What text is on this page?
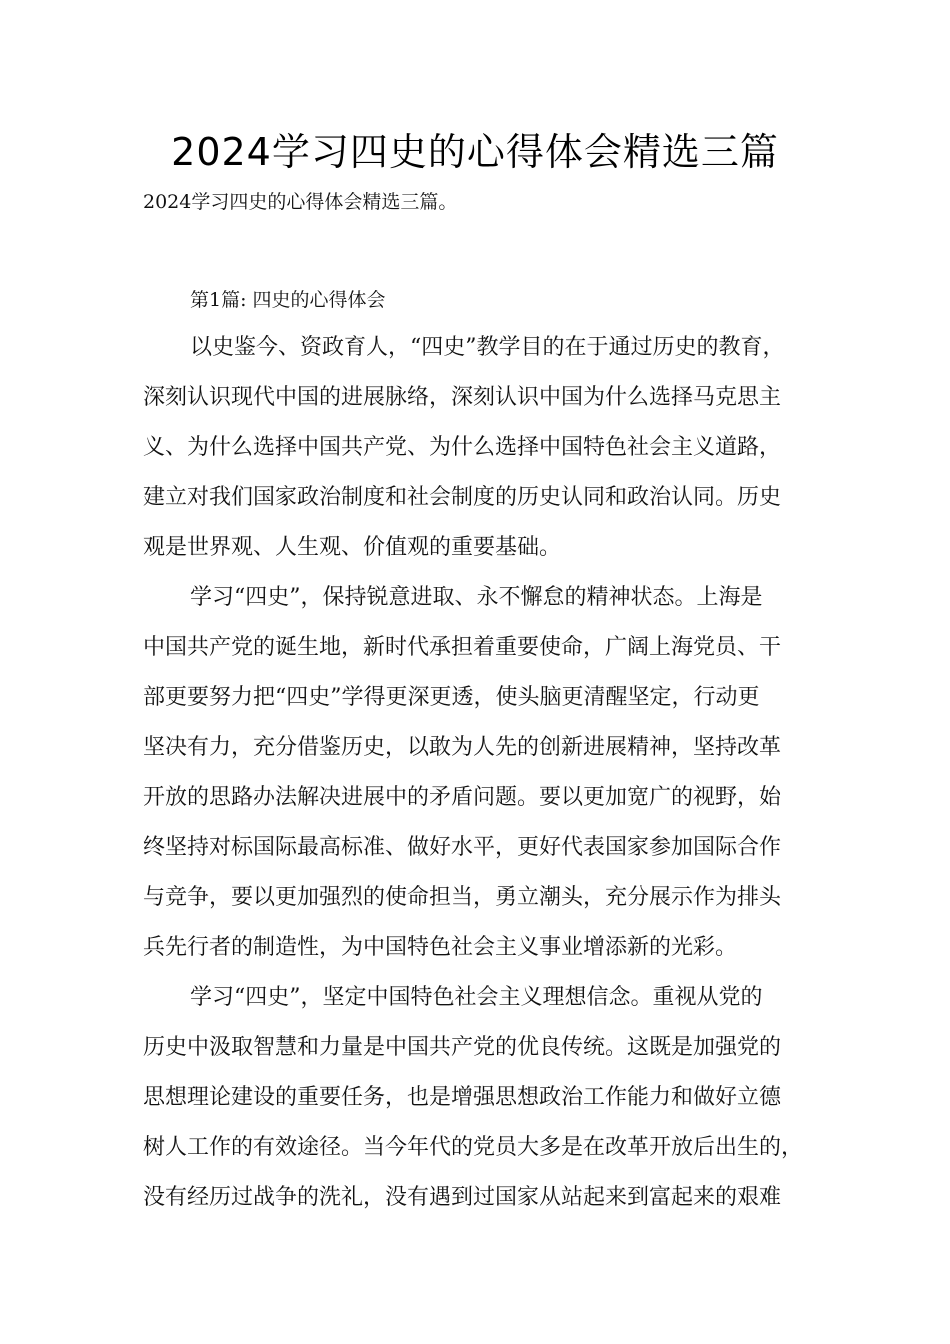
2024学习四史的心得体会精选三篇

2024学习四史的心得体会精选三篇。

第1篇: 四史的心得体会

以史鉴今、资政育人，“四史”教学目的在于通过历史的教育，

深刻认识现代中国的进展脉络，深刻认识中国为什么选择马克思主

义、为什么选择中国共产党、为什么选择中国特色社会主义道路，

建立对我们国家政治制度和社会制度的历史认同和政治认同。历史

观是世界观、人生观、价值观的重要基础。

学习“四史”，保持锐意进取、永不懈怠的精神状态。上海是

中国共产党的诞生地，新时代承担着重要使命，广阔上海党员、干

部更要努力把“四史”学得更深更透，使头脑更清醒坚定，行动更

坚决有力，充分借鉴历史，以敢为人先的创新进展精神，坚持改革

开放的思路办法解决进展中的矛盾问题。要以更加宽广的视野，始

终坚持对标国际最高标准、做好水平，更好代表国家参加国际合作

与竞争，要以更加强烈的使命担当，勇立潮头，充分展示作为排头

兵先行者的制造性，为中国特色社会主义事业增添新的光彩。

学习“四史”，坚定中国特色社会主义理想信念。重视从党的

历史中汲取智慧和力量是中国共产党的优良传统。这既是加强党的

思想理论建设的重要任务，也是增强思想政治工作能力和做好立德

树人工作的有效途径。当今年代的党员大多是在改革开放后出生的，

没有经历过战争的洗礼，没有遇到过国家从站起来到富起来的艰难
